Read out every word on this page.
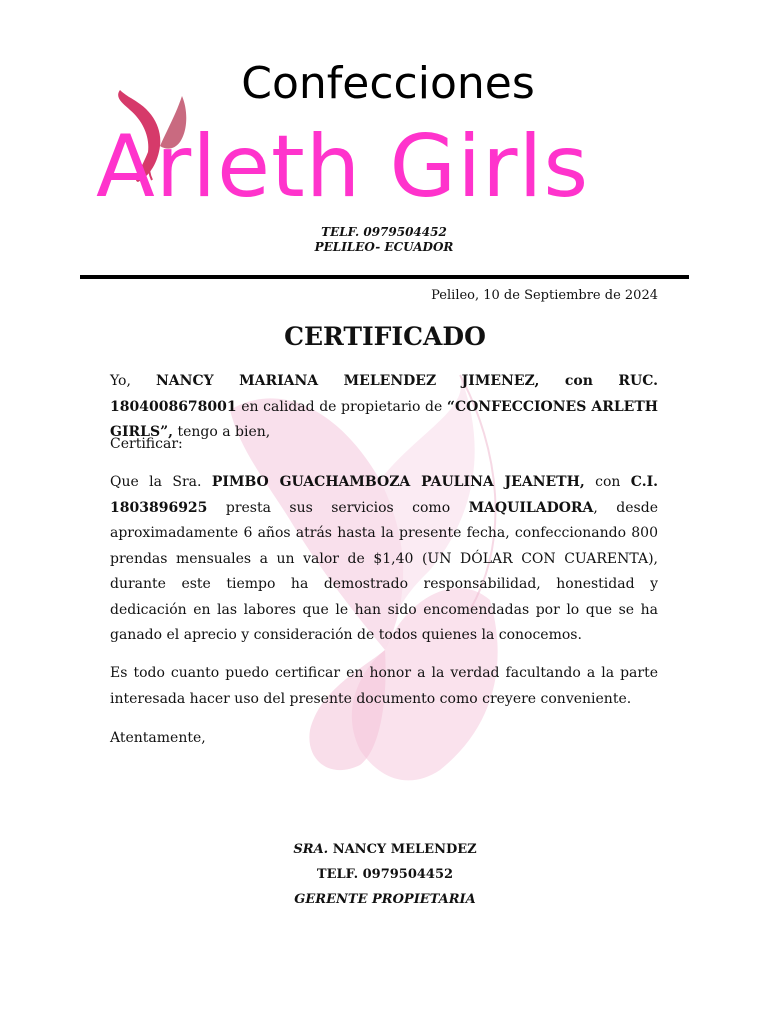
Confecciones
Arleth Girls
TELF. 0979504452
PELILEO- ECUADOR
Pelileo, 10 de Septiembre de 2024
CERTIFICADO
Yo, NANCY MARIANA MELENDEZ JIMENEZ, con RUC. 1804008678001 en calidad de propietario de “CONFECCIONES ARLETH GIRLS”, tengo a bien,
Certificar:
Que la Sra. PIMBO GUACHAMBOZA PAULINA JEANETH, con C.I. 1803896925 presta sus servicios como MAQUILADORA, desde aproximadamente 6 años atrás hasta la presente fecha, confeccionando 800 prendas mensuales a un valor de $1,40 (UN DÓLAR CON CUARENTA), durante este tiempo ha demostrado responsabilidad, honestidad y dedicación en las labores que le han sido encomendadas por lo que se ha ganado el aprecio y consideración de todos quienes la conocemos.
Es todo cuanto puedo certificar en honor a la verdad facultando a la parte interesada hacer uso del presente documento como creyere conveniente.
Atentamente,
SRA. NANCY MELENDEZ
TELF. 0979504452
GERENTE PROPIETARIA
